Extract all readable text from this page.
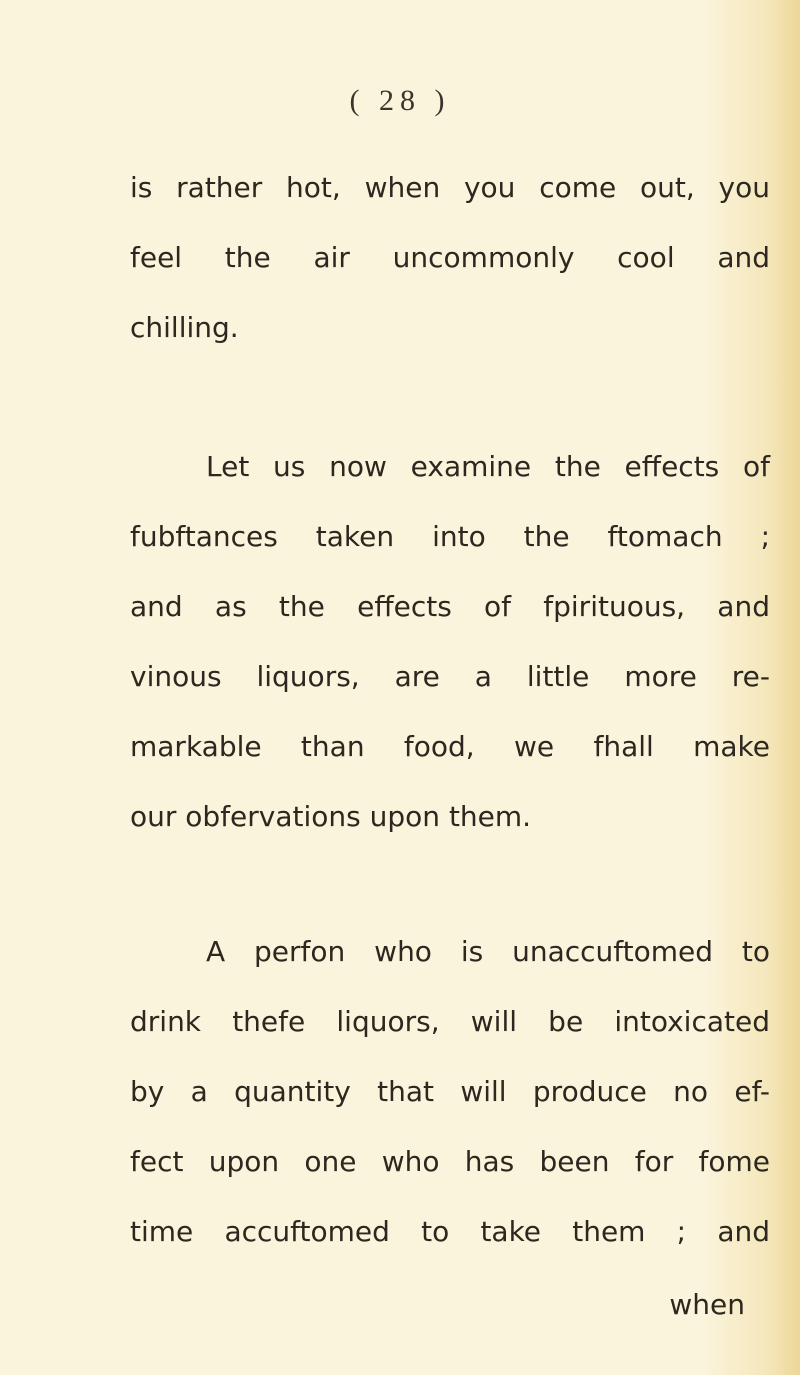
( 28 )
is rather hot, when you come out, you
feel the air uncommonly cool and
chilling.
Let us now examine the effects of
fubftances taken into the ftomach ;
and as the effects of fpirituous, and
vinous liquors, are a little more re-
markable than food, we fhall make
our obfervations upon them.
A perfon who is unaccuftomed to
drink thefe liquors, will be intoxicated
by a quantity that will produce no ef-
fect upon one who has been for fome
time accuftomed to take them ; and
when
